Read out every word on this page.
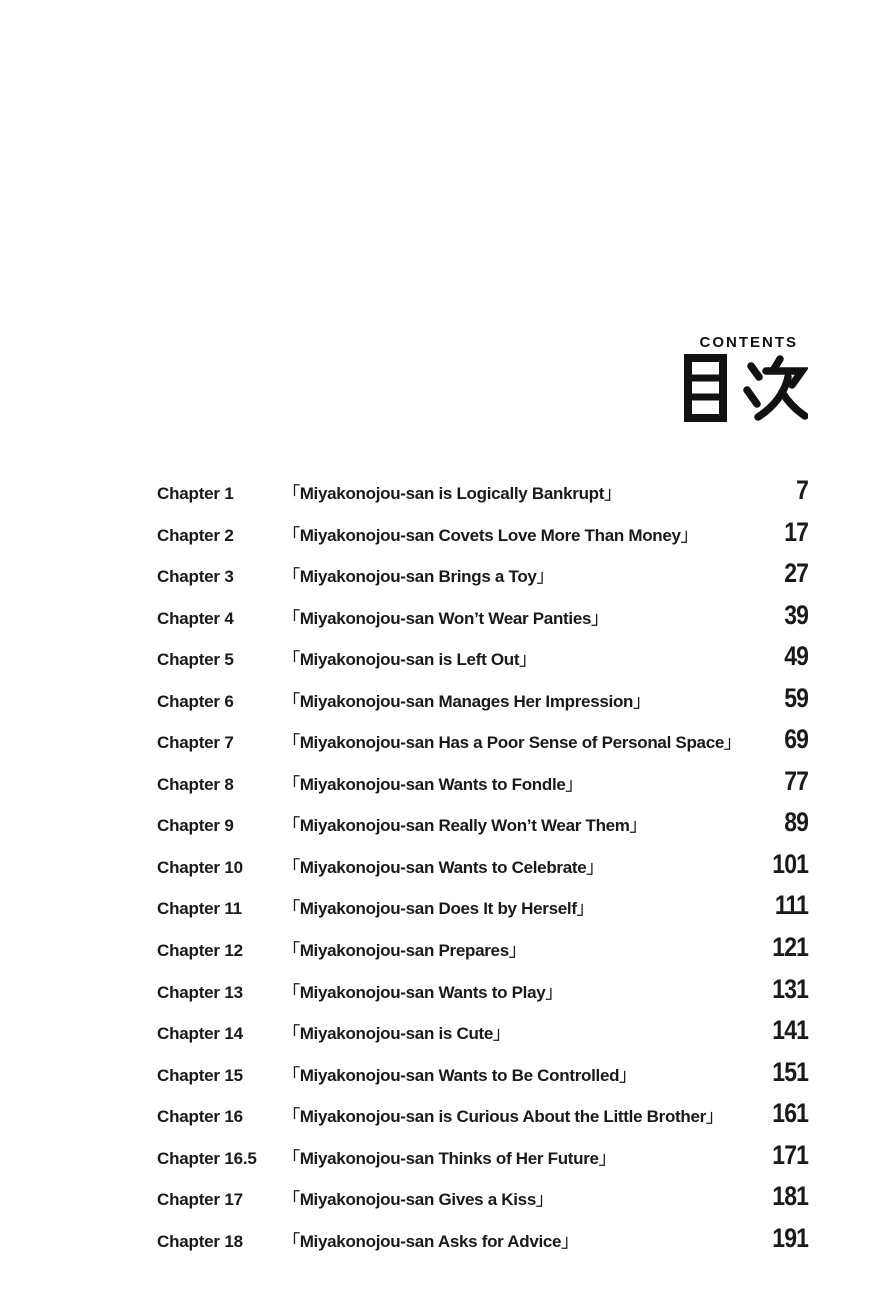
CONTENTS
Chapter 1	「Miyakonojou-san is Logically Bankrupt」	7
Chapter 2	「Miyakonojou-san Covets Love More Than Money」	17
Chapter 3	「Miyakonojou-san Brings a Toy」	27
Chapter 4	「Miyakonojou-san Won’t Wear Panties」	39
Chapter 5	「Miyakonojou-san is Left Out」	49
Chapter 6	「Miyakonojou-san Manages Her Impression」	59
Chapter 7	「Miyakonojou-san Has a Poor Sense of Personal Space」	69
Chapter 8	「Miyakonojou-san Wants to Fondle」	77
Chapter 9	「Miyakonojou-san Really Won’t Wear Them」	89
Chapter 10	「Miyakonojou-san Wants to Celebrate」	101
Chapter 11	「Miyakonojou-san Does It by Herself」	111
Chapter 12	「Miyakonojou-san Prepares」	121
Chapter 13	「Miyakonojou-san Wants to Play」	131
Chapter 14	「Miyakonojou-san is Cute」	141
Chapter 15	「Miyakonojou-san Wants to Be Controlled」	151
Chapter 16	「Miyakonojou-san is Curious About the Little Brother」	161
Chapter 16.5	「Miyakonojou-san Thinks of Her Future」	171
Chapter 17	「Miyakonojou-san Gives a Kiss」	181
Chapter 18	「Miyakonojou-san Asks for Advice」	191
